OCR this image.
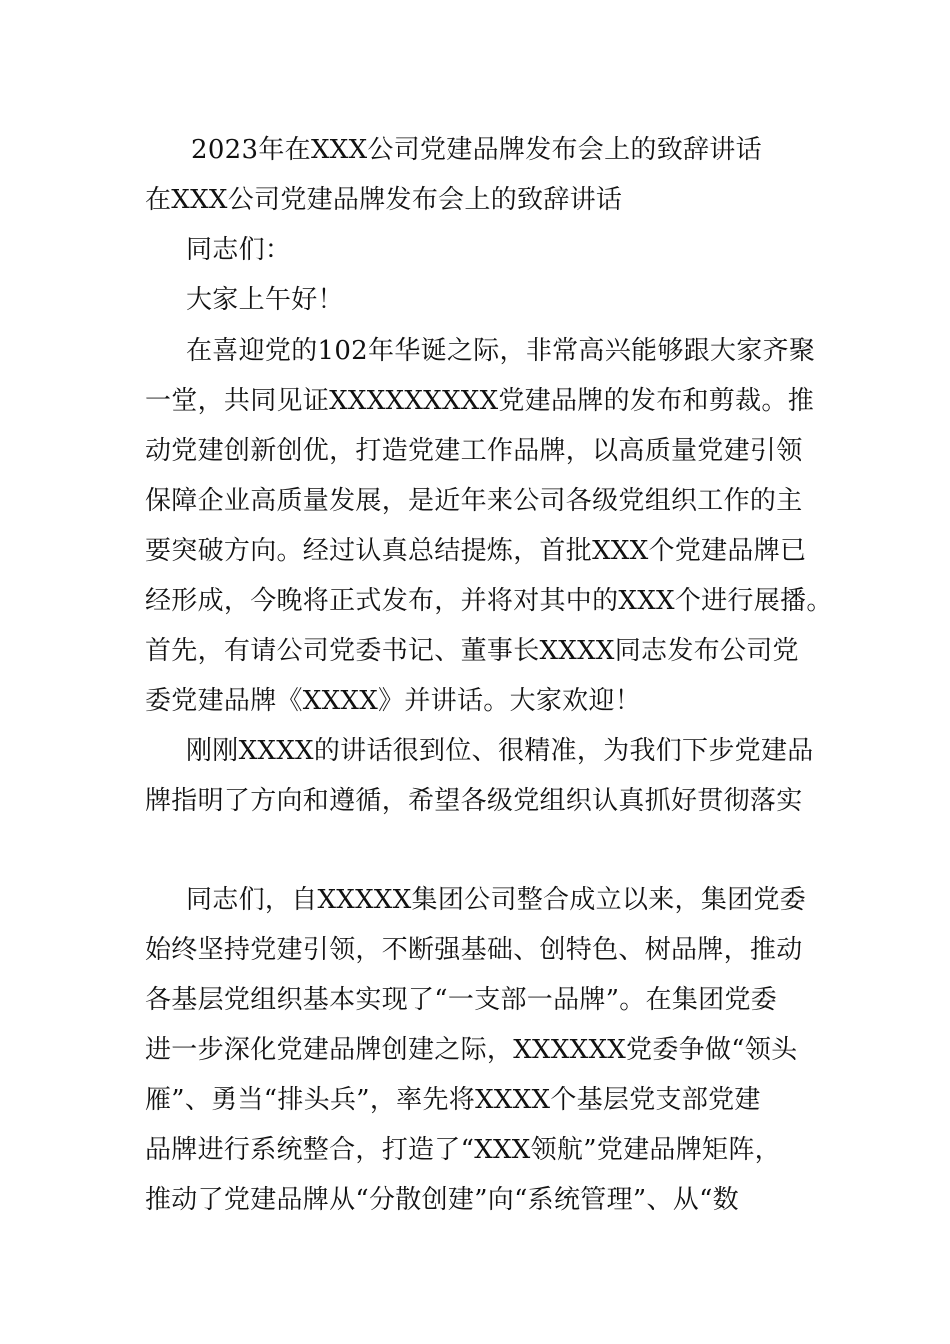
2023年在XXX公司党建品牌发布会上的致辞讲话
在XXX公司党建品牌发布会上的致辞讲话
同志们：
大家上午好！
在喜迎党的102年华诞之际，非常高兴能够跟大家齐聚
一堂，共同见证XXXXXXXXX党建品牌的发布和剪裁。推
动党建创新创优，打造党建工作品牌，以高质量党建引领
保障企业高质量发展，是近年来公司各级党组织工作的主
要突破方向。经过认真总结提炼，首批XXX个党建品牌已
经形成，今晚将正式发布，并将对其中的XXX个进行展播。
首先，有请公司党委书记、董事长XXXX同志发布公司党
委党建品牌《XXXX》并讲话。大家欢迎！
刚刚XXXX的讲话很到位、很精准，为我们下步党建品
牌指明了方向和遵循，希望各级党组织认真抓好贯彻落实
同志们，自XXXXX集团公司整合成立以来，集团党委
始终坚持党建引领，不断强基础、创特色、树品牌，推动
各基层党组织基本实现了“一支部一品牌”。在集团党委
进一步深化党建品牌创建之际，XXXXXX党委争做“领头
雁”、勇当“排头兵”，率先将XXXX个基层党支部党建
品牌进行系统整合，打造了“XXX领航”党建品牌矩阵，
推动了党建品牌从“分散创建”向“系统管理”、从“数
